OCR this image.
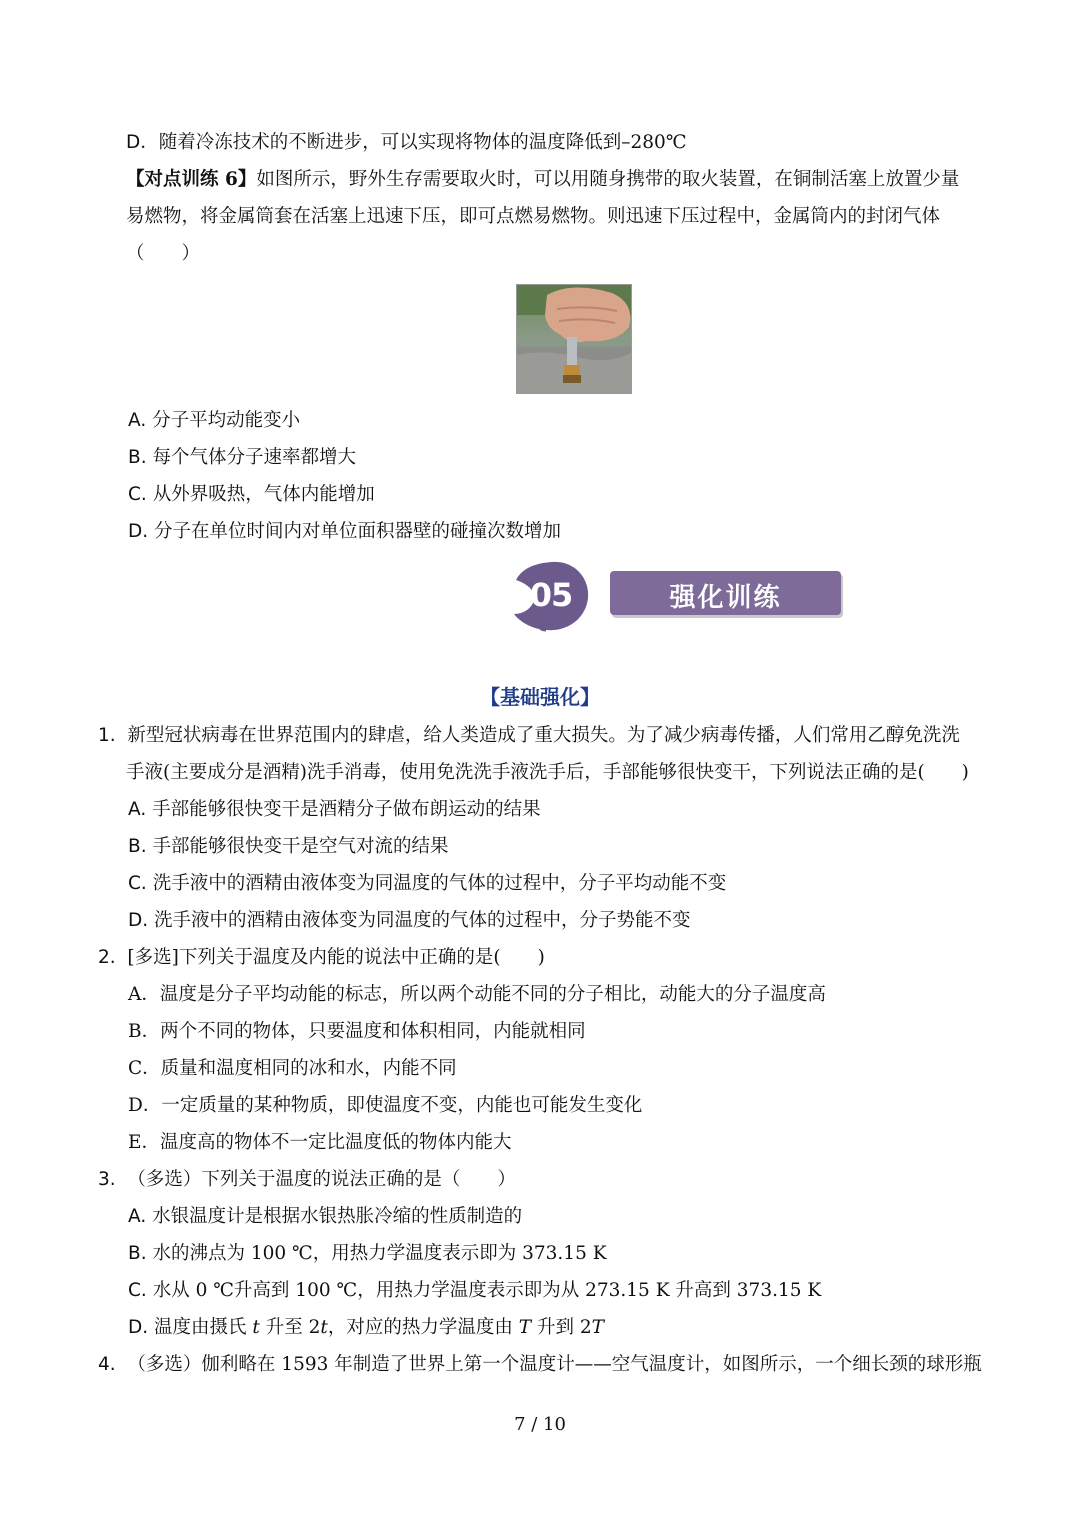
D．随着冷冻技术的不断进步，可以实现将物体的温度降低到–280℃
【对点训练 6】如图所示，野外生存需要取火时，可以用随身携带的取火装置，在铜制活塞上放置少量
易燃物，将金属筒套在活塞上迅速下压，即可点燃易燃物。则迅速下压过程中，金属筒内的封闭气体
（　　）
A. 分子平均动能变小
B. 每个气体分子速率都增大
C. 从外界吸热，气体内能增加
D. 分子在单位时间内对单位面积器壁的碰撞次数增加
05	强化训练
【基础强化】
1. 新型冠状病毒在世界范围内的肆虐，给人类造成了重大损失。为了减少病毒传播，人们常用乙醇免洗洗
手液(主要成分是酒精)洗手消毒，使用免洗洗手液洗手后，手部能够很快变干，下列说法正确的是(　　)
A. 手部能够很快变干是酒精分子做布朗运动的结果
B. 手部能够很快变干是空气对流的结果
C. 洗手液中的酒精由液体变为同温度的气体的过程中，分子平均动能不变
D. 洗手液中的酒精由液体变为同温度的气体的过程中，分子势能不变
2. [多选]下列关于温度及内能的说法中正确的是(　　)
A．温度是分子平均动能的标志，所以两个动能不同的分子相比，动能大的分子温度高
B．两个不同的物体，只要温度和体积相同，内能就相同
C．质量和温度相同的冰和水，内能不同
D．一定质量的某种物质，即使温度不变，内能也可能发生变化
E．温度高的物体不一定比温度低的物体内能大
3. （多选）下列关于温度的说法正确的是（　　）
A. 水银温度计是根据水银热胀冷缩的性质制造的
B. 水的沸点为 100 ℃，用热力学温度表示即为 373.15 K
C. 水从 0 ℃升高到 100 ℃，用热力学温度表示即为从 273.15 K 升高到 373.15 K
D. 温度由摄氏 t 升至 2t，对应的热力学温度由 T 升到 2T
4. （多选）伽利略在 1593 年制造了世界上第一个温度计——空气温度计，如图所示，一个细长颈的球形瓶
7 / 10
